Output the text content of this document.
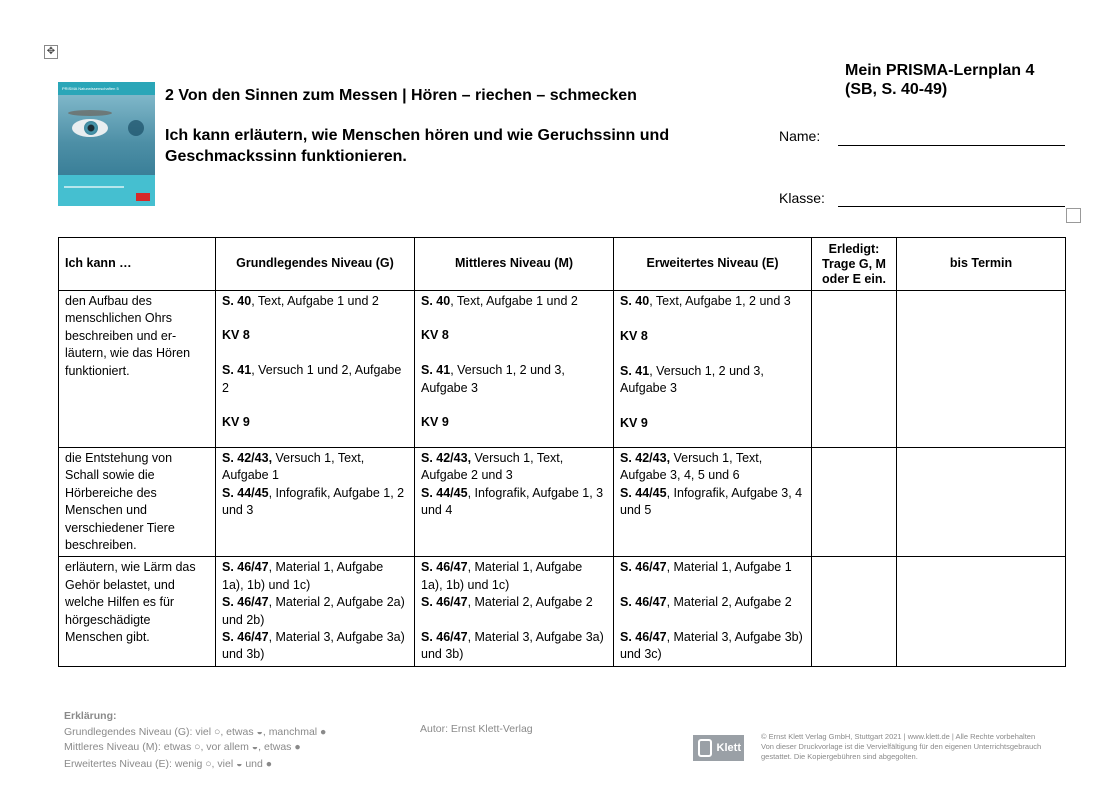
✥
PRISMA Naturwissenschaften 5	2 Von den Sinnen zum Messen | Hören – riechen – schmecken
Ich kann erläutern, wie Menschen hören und wie Geruchssinn und Geschmackssinn funktionieren.
Mein PRISMA-Lernplan 4
(SB, S. 40-49)
Name:
Klasse:
Ich kann …	Grundlegendes Niveau (G)	Mittleres Niveau (M)	Erweitertes Niveau (E)	Erledigt: Trage G, M oder E ein.	bis Termin
den Aufbau des menschlichen Ohrs beschreiben und er-läutern, wie das Hören funktioniert.	S. 40, Text, Aufgabe 1 und 2
KV 8

S. 41, Versuch 1 und 2, Aufgabe 2

KV 9	S. 40, Text, Aufgabe 1 und 2
KV 8

S. 41, Versuch 1, 2 und 3, Aufgabe 3

KV 9	S. 40, Text, Aufgabe 1, 2 und 3

KV 8

S. 41, Versuch 1, 2 und 3, Aufgabe 3

KV 9		
die Entstehung von Schall sowie die Hörbereiche des Menschen und verschiedener Tiere beschreiben.	S. 42/43, Versuch 1, Text, Aufgabe 1
S. 44/45, Infografik, Aufgabe 1, 2 und 3	S. 42/43, Versuch 1, Text, Aufgabe 2 und 3
S. 44/45, Infografik, Aufgabe 1, 3 und 4	S. 42/43, Versuch 1, Text, Aufgabe 3, 4, 5 und 6
S. 44/45, Infografik, Aufgabe 3, 4 und 5		
erläutern, wie Lärm das Gehör belastet, und welche Hilfen es für hörgeschädigte Menschen gibt.	S. 46/47, Material 1, Aufgabe 1a), 1b) und 1c)
S. 46/47, Material 2, Aufgabe 2a) und 2b)
S. 46/47, Material 3, Aufgabe 3a) und 3b)	S. 46/47, Material 1, Aufgabe 1a), 1b) und 1c)
S. 46/47, Material 2, Aufgabe 2

S. 46/47, Material 3, Aufgabe 3a) und 3b)	S. 46/47, Material 1, Aufgabe 1

S. 46/47, Material 2, Aufgabe 2

S. 46/47, Material 3, Aufgabe 3b) und 3c)		
Erklärung:
Grundlegendes Niveau (G): viel ○, etwas ◒, manchmal ●
Mittleres Niveau (M): etwas ○, vor allem ◒, etwas ●
Erweitertes Niveau (E): wenig ○, viel ◒ und ●
Autor: Ernst Klett-Verlag
Klett
© Ernst Klett Verlag GmbH, Stuttgart 2021 | www.klett.de | Alle Rechte vorbehalten
Von dieser Druckvorlage ist die Vervielfältigung für den eigenen Unterrichtsgebrauch
gestattet. Die Kopiergebühren sind abgegolten.
